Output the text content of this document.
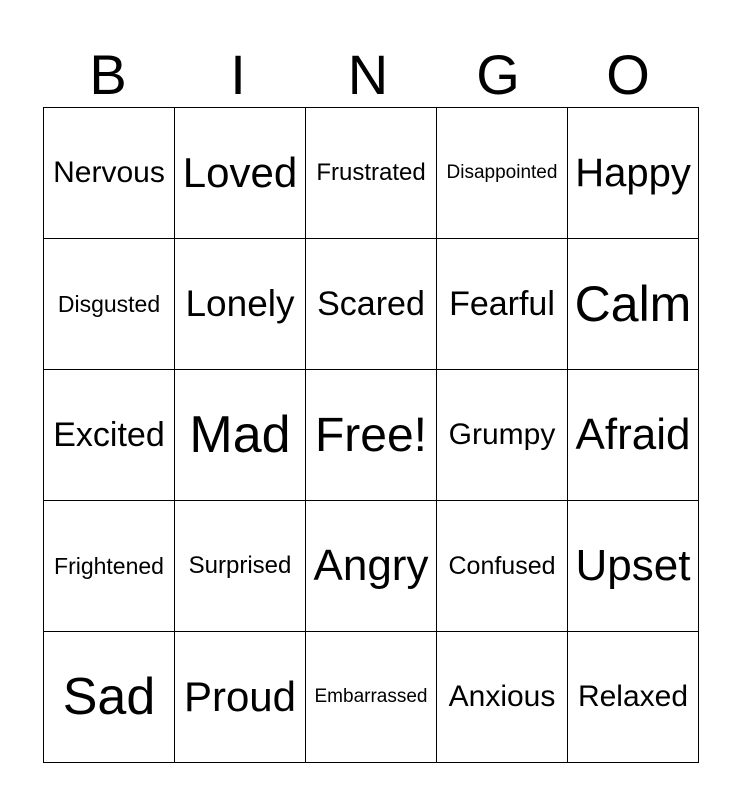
B	I	N	G	O
Nervous	Loved	Frustrated	Disappointed	Happy
Disgusted	Lonely	Scared	Fearful	Calm
Excited	Mad	Free!	Grumpy	Afraid
Frightened	Surprised	Angry	Confused	Upset
Sad	Proud	Embarrassed	Anxious	Relaxed
